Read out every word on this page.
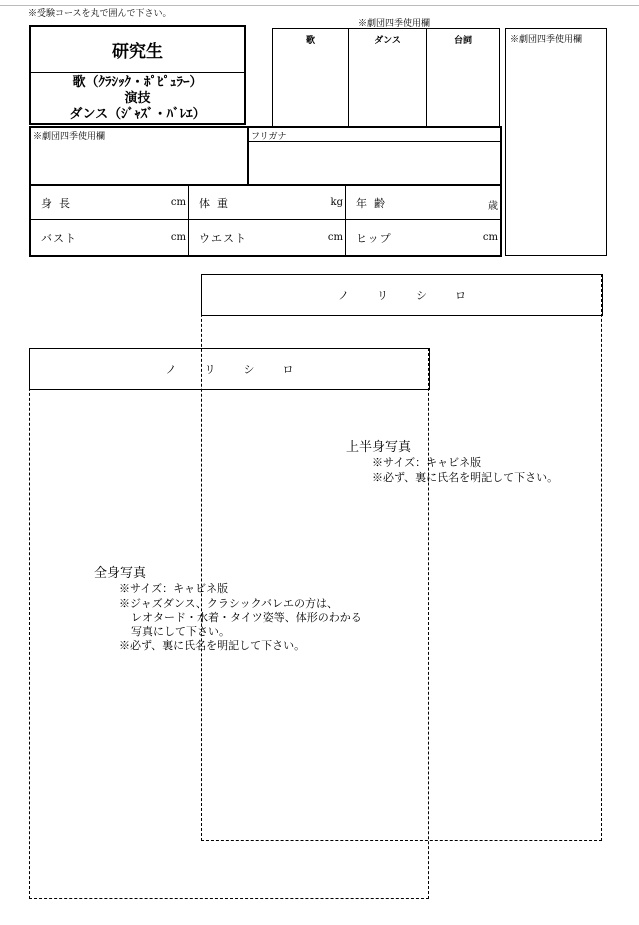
※受験コースを丸で囲んで下さい。
研究生
歌（ｸﾗｼｯｸ・ﾎﾟﾋﾟｭﾗｰ）
演技
ダンス（ｼﾞｬｽﾞ・ﾊﾞﾚｴ）
※劇団四季使用欄
歌	ダンス	台詞	※劇団四季使用欄
※劇団四季使用欄	フリガナ
身長	cm 体重	kg 年齢	歳
バスト	cm ウエスト	cm ヒップ	cm
ノ	リ	シ	ロ
ノ	リ	シ	ロ
上半身写真
※サイズ：キャビネ版
※必ず、裏に氏名を明記して下さい。
全身写真
※サイズ：キャビネ版
※ジャズダンス、クラシックバレエの方は、
レオタード・水着・タイツ姿等、体形のわかる
写真にして下さい。
※必ず、裏に氏名を明記して下さい。
